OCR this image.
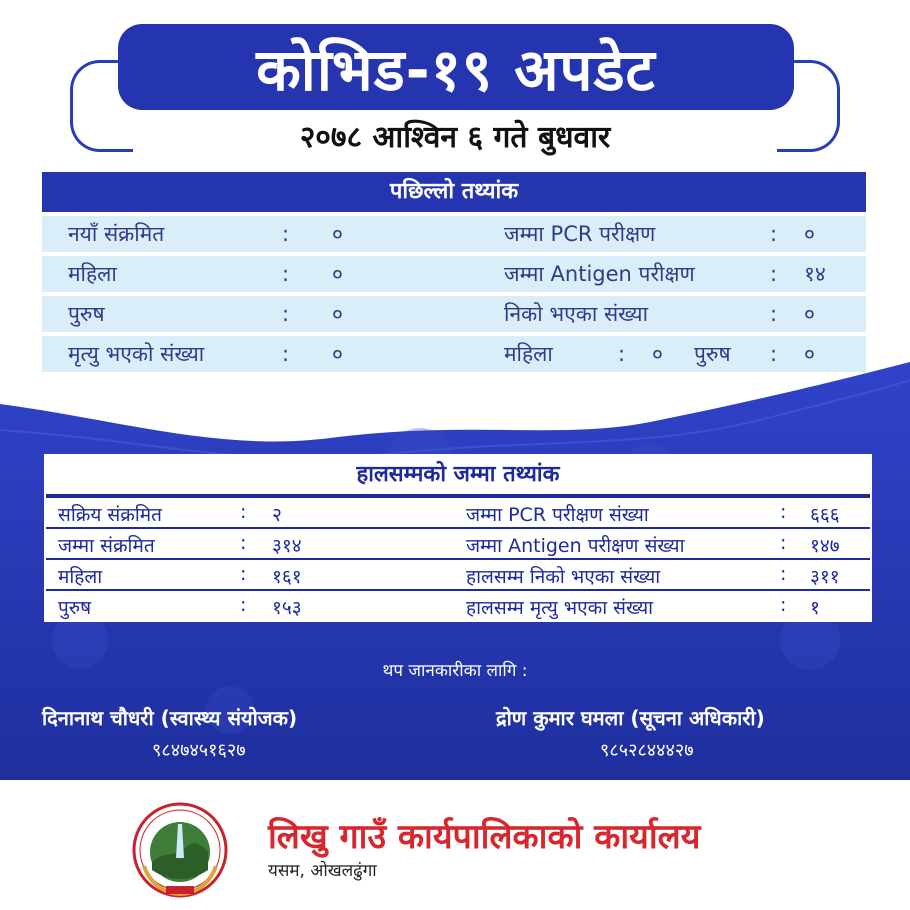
कोभिड-१९ अपडेट
२०७८ आश्विन ६ गते बुधवार
पछिल्लो तथ्यांक
नयाँ संक्रमित	: ०	जम्मा PCR परीक्षण	: ०
महिला	: ०	जम्मा Antigen परीक्षण	: १४
पुरुष	: ०	निको भएका संख्या	: ०
मृत्यु भएको संख्या	: ०	महिला	: ० पुरुष : ०
हालसम्मको जम्मा तथ्यांक
सक्रिय संक्रमित	: २	जम्मा PCR परीक्षण संख्या	: ६६६
जम्मा संक्रमित	: ३१४	जम्मा Antigen परीक्षण संख्या	: १४७
महिला	: १६१	हालसम्म निको भएका संख्या	: ३११
पुरुष	: १५३	हालसम्म मृत्यु भएका संख्या	: १
थप जानकारीका लागि :
दिनानाथ चौधरी (स्वास्थ्य संयोजक)
९८४७४५१६२७
द्रोण कुमार घमला (सूचना अधिकारी)
९८५२८४४४२७
लिखु गाउँ कार्यपालिकाको कार्यालय
यसम, ओखलढुंगा
